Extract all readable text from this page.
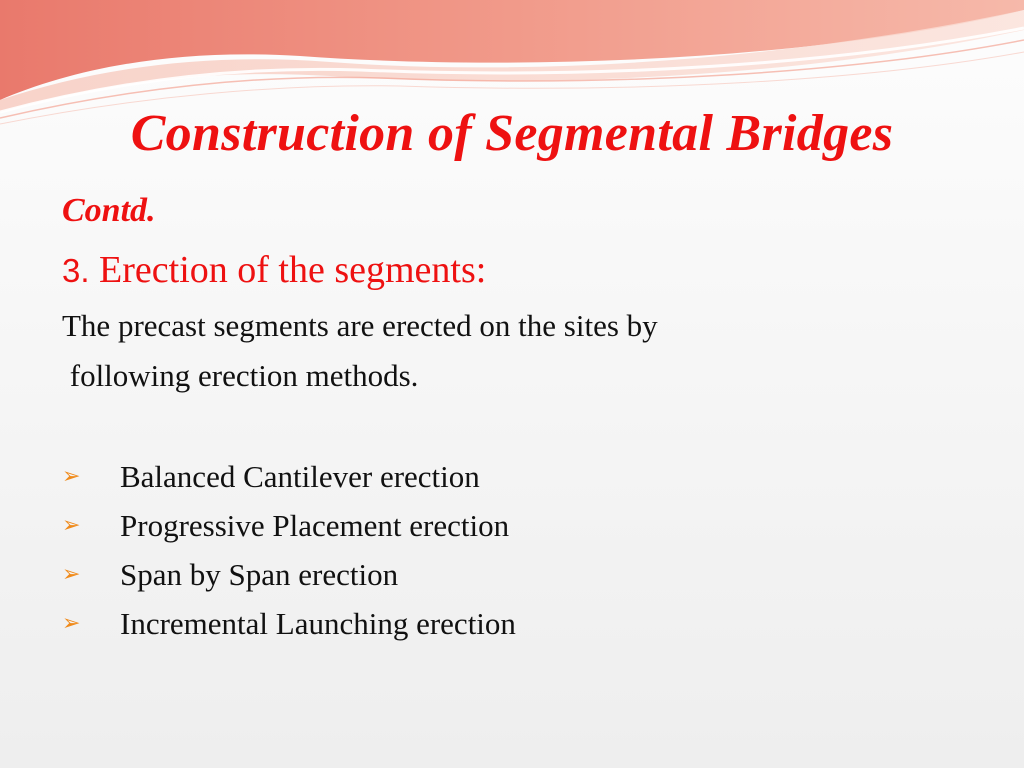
Construction of Segmental Bridges
Contd.
3. Erection of the segments:
The precast segments are erected on the sites by
following erection methods.
➢	Balanced Cantilever erection
➢	Progressive Placement erection
➢	Span by Span erection
➢	Incremental Launching erection
